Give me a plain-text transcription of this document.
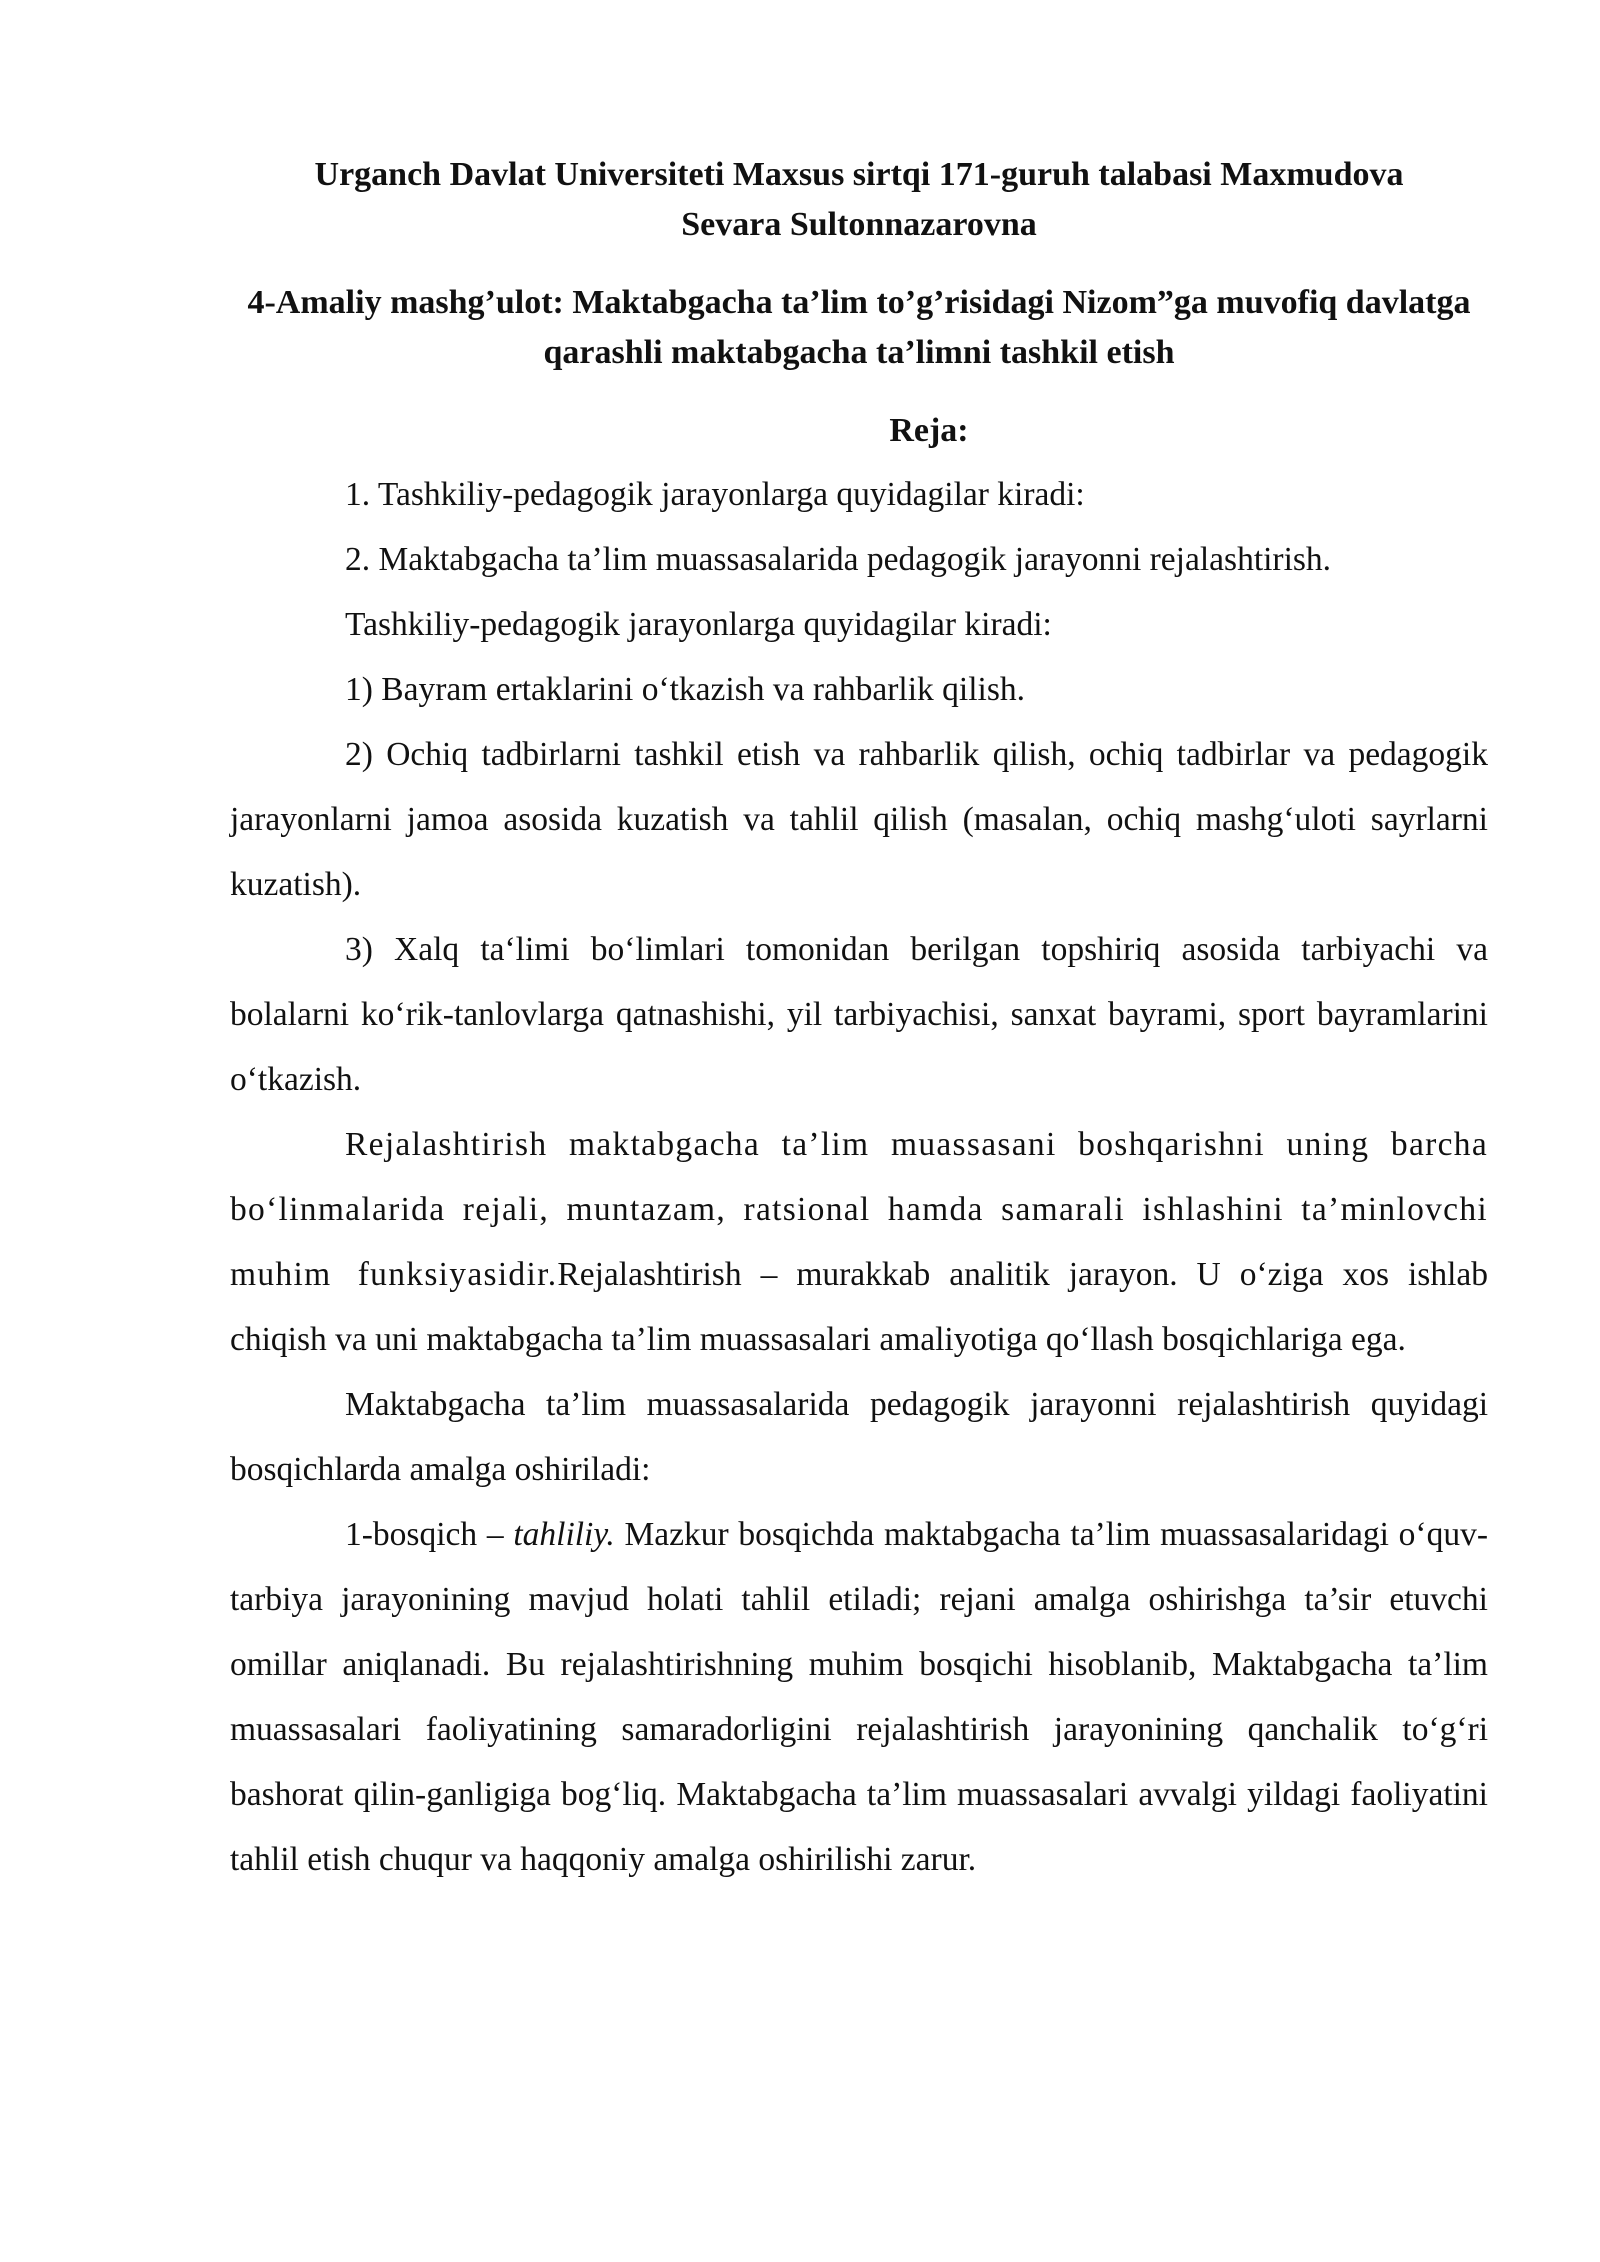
Urganch Davlat Universiteti Maxsus sirtqi 171-guruh talabasi Maxmudova Sevara Sultonnazarovna
4-Amaliy mashg’ulot: Maktabgacha ta’lim to’g’risidagi Nizom”ga muvofiq davlatga qarashli maktabgacha ta’limni tashkil etish
Reja:

1. Tashkiliy-pedagogik jarayonlarga quyidagilar kiradi:

2. Maktabgacha ta’lim muassasalarida pedagogik jarayonni rejalashtirish.

Tashkiliy-pedagogik jarayonlarga quyidagilar kiradi:

1) Bayram ertaklarini o‘tkazish va rahbarlik qilish.

2) Ochiq tadbirlarni tashkil etish va rahbarlik qilish, ochiq tadbirlar va pedagogik jarayonlarni jamoa asosida kuzatish va tahlil qilish (masalan, ochiq mashg‘uloti sayrlarni kuzatish).

3) Xalq ta‘limi bo‘limlari tomonidan berilgan topshiriq asosida tarbiyachi va bolalarni ko‘rik-tanlovlarga qatnashishi, yil tarbiyachisi, sanxat bayrami, sport bayramlarini o‘tkazish.

Rejalashtirish maktabgacha ta’lim muassasani boshqarishni uning barcha bo‘linmalarida rejali, muntazam, ratsional hamda samarali ishlashini ta’minlovchi muhim funksiyasidir.Rejalashtirish – murakkab analitik jarayon. U o‘ziga xos ishlab chiqish va uni maktabgacha ta’lim muassasalari amaliyotiga qo‘llash bosqichlariga ega.

Maktabgacha ta’lim muassasalarida pedagogik jarayonni rejalashtirish quyidagi bosqichlarda amalga oshiriladi:

1-bosqich – tahliliy. Mazkur bosqichda maktabgacha ta’lim muassasalaridagi o‘quv-tarbiya jarayonining mavjud holati tahlil etiladi; rejani amalga oshirishga ta’sir etuvchi omillar aniqlanadi. Bu rejalashtirishning muhim bosqichi hisoblanib, Maktabgacha ta’lim muassasalari faoliyatining samaradorligini rejalashtirish jarayonining qanchalik to‘g‘ri bashorat qilin-ganligiga bog‘liq. Maktabgacha ta’lim muassasalari avvalgi yildagi faoliyatini tahlil etish chuqur va haqqoniy amalga oshirilishi zarur.
